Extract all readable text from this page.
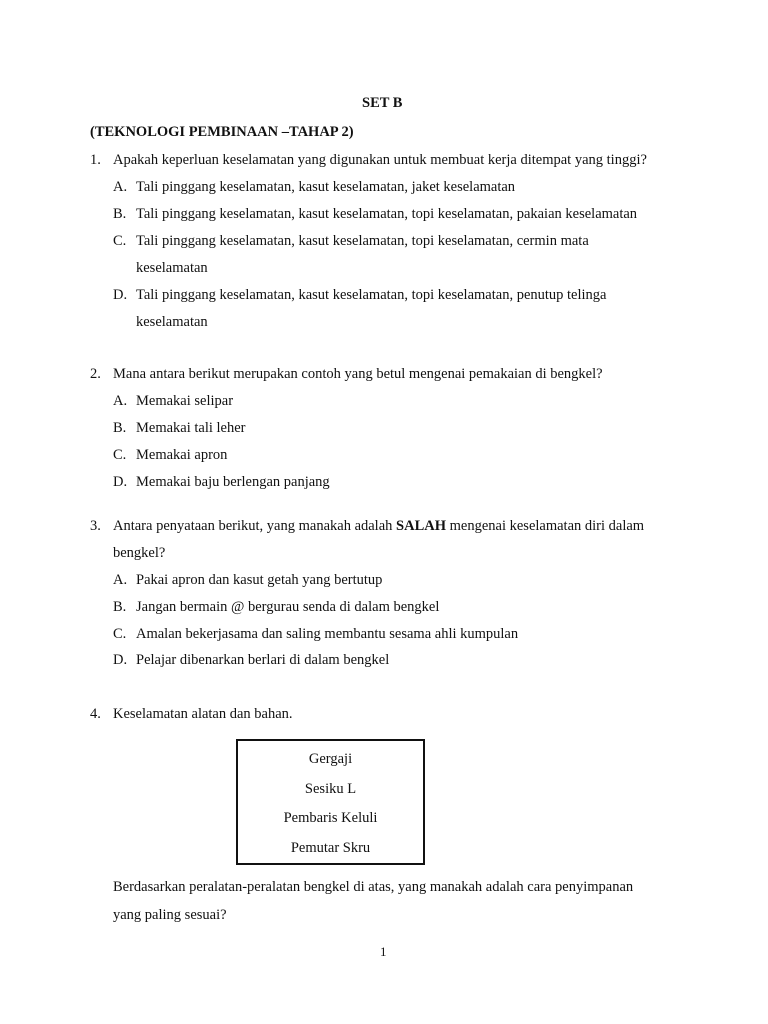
SET B
(TEKNOLOGI PEMBINAAN –TAHAP 2)
1. Apakah keperluan keselamatan yang digunakan untuk membuat kerja ditempat yang tinggi?
A. Tali pinggang keselamatan, kasut keselamatan, jaket keselamatan
B. Tali pinggang keselamatan, kasut keselamatan, topi keselamatan, pakaian keselamatan
C. Tali pinggang keselamatan, kasut keselamatan, topi keselamatan, cermin mata
keselamatan
D. Tali pinggang keselamatan, kasut keselamatan, topi keselamatan, penutup telinga
keselamatan
2. Mana antara berikut merupakan contoh yang betul mengenai pemakaian di bengkel?
A. Memakai selipar
B. Memakai tali leher
C. Memakai apron
D. Memakai baju berlengan panjang
3. Antara penyataan berikut, yang manakah adalah SALAH mengenai keselamatan diri dalam
bengkel?
A. Pakai apron dan kasut getah yang bertutup
B. Jangan bermain @ bergurau senda di dalam bengkel
C. Amalan bekerjasama dan saling membantu sesama ahli kumpulan
D. Pelajar dibenarkan berlari di dalam bengkel
4. Keselamatan alatan dan bahan.
Gergaji
Sesiku L
Pembaris Keluli
Pemutar Skru
Berdasarkan peralatan-peralatan bengkel di atas, yang manakah adalah cara penyimpanan
yang paling sesuai?
1
